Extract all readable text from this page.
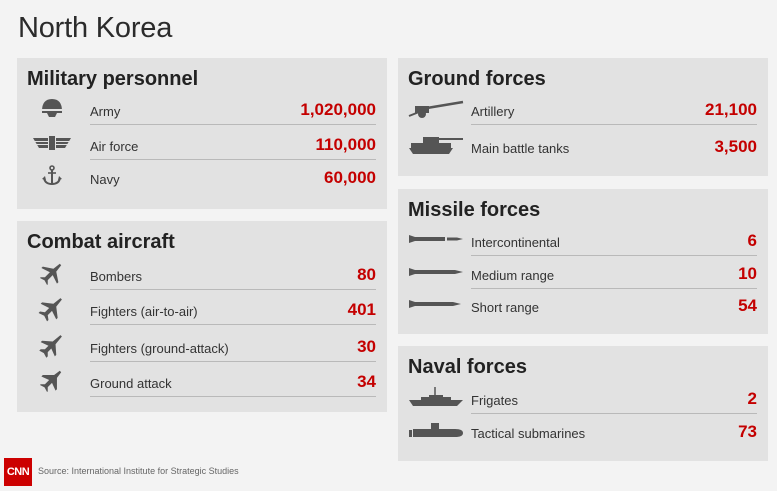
North Korea
Military personnel
Army	1,020,000
Air force	110,000
Navy	60,000
Combat aircraft
Bombers	80
Fighters (air-to-air)	401
Fighters (ground-attack)	30
Ground attack	34
Ground forces
Artillery	21,100
Main battle tanks	3,500
Missile forces
Intercontinental	6
Medium range	10
Short range	54
Naval forces
Frigates	2
Tactical submarines	73
CNN Source: International Institute for Strategic Studies
